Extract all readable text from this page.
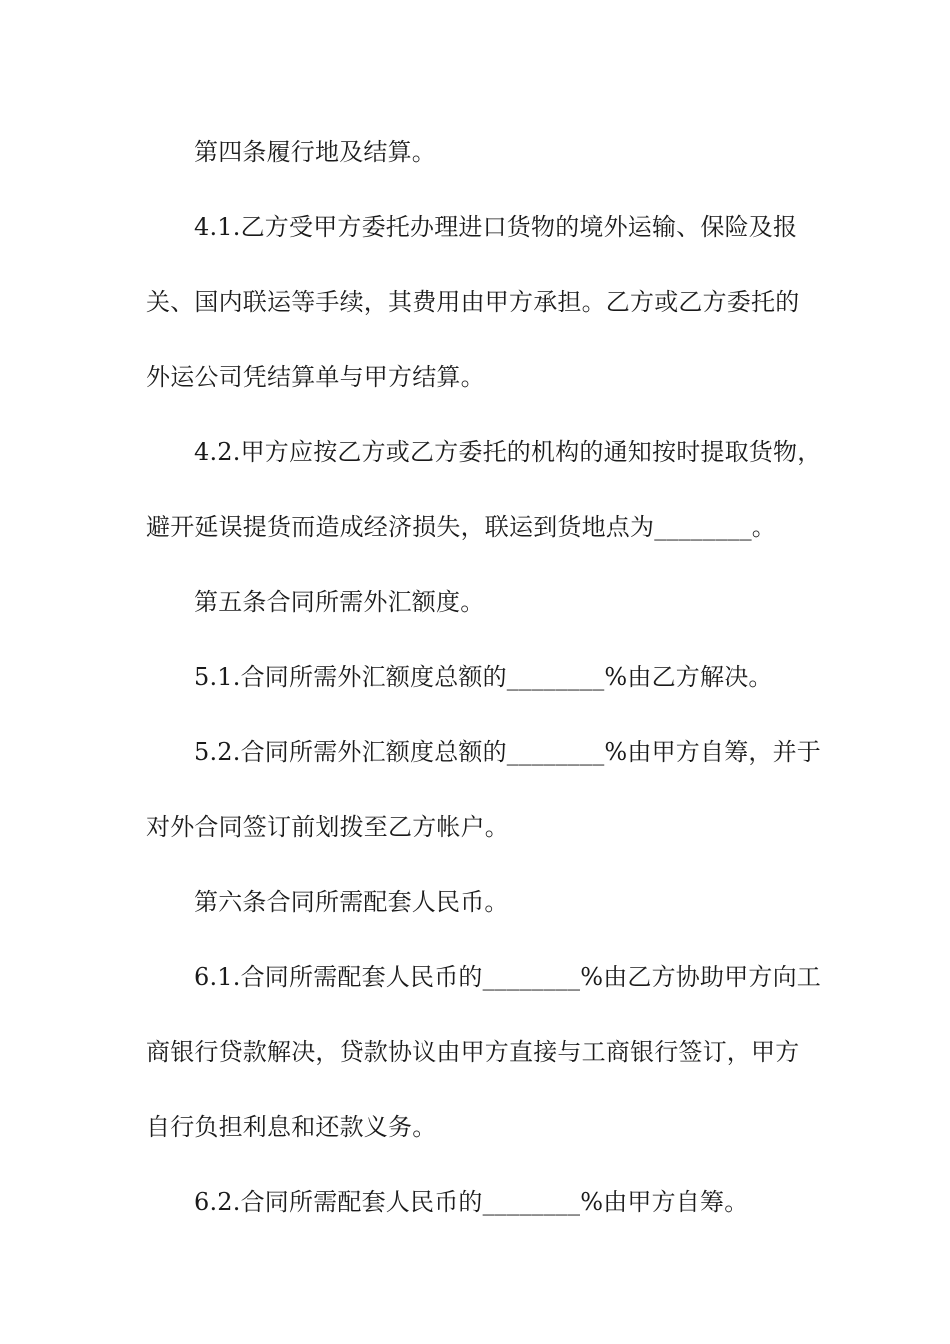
第四条履行地及结算。
4.1.乙方受甲方委托办理进口货物的境外运输、保险及报
关、国内联运等手续，其费用由甲方承担。乙方或乙方委托的
外运公司凭结算单与甲方结算。
4.2.甲方应按乙方或乙方委托的机构的通知按时提取货物，
避开延误提货而造成经济损失，联运到货地点为________。
第五条合同所需外汇额度。
5.1.合同所需外汇额度总额的________%由乙方解决。
5.2.合同所需外汇额度总额的________%由甲方自筹，并于
对外合同签订前划拨至乙方帐户。
第六条合同所需配套人民币。
6.1.合同所需配套人民币的________%由乙方协助甲方向工
商银行贷款解决，贷款协议由甲方直接与工商银行签订，甲方
自行负担利息和还款义务。
6.2.合同所需配套人民币的________%由甲方自筹。
